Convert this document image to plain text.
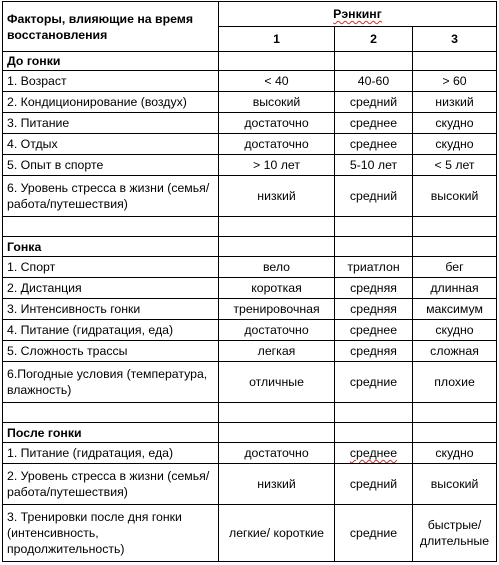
Факторы, влияющие на время восстановления	Рэнкинг		
	1	2	3
До гонки			
1. Возраст	< 40	40-60	> 60
2. Кондиционирование (воздух)	высокий	средний	низкий
3. Питание	достаточно	среднее	скудно
4. Отдых	достаточно	среднее	скудно
5. Опыт в спорте	> 10 лет	5-10 лет	< 5 лет
6. Уровень стресса в жизни (семья/работа/путешествия)	низкий	средний	высокий

Гонка			
1. Спорт	вело	триатлон	бег
2. Дистанция	короткая	средняя	длинная
3. Интенсивность гонки	тренировочная	средняя	максимум
4. Питание (гидратация, еда)	достаточно	среднее	скудно
5. Сложность трассы	легкая	средняя	сложная
6.Погодные условия (температура, влажность)	отличные	средние	плохие

После гонки			
1. Питание (гидратация, еда)	достаточно	среднее	скудно
2. Уровень стресса в жизни (семья/работа/путешествия)	низкий	средний	высокий
3. Тренировки после дня гонки (интенсивность, продолжительность)	легкие/ короткие	средние	быстрые/ длительные
